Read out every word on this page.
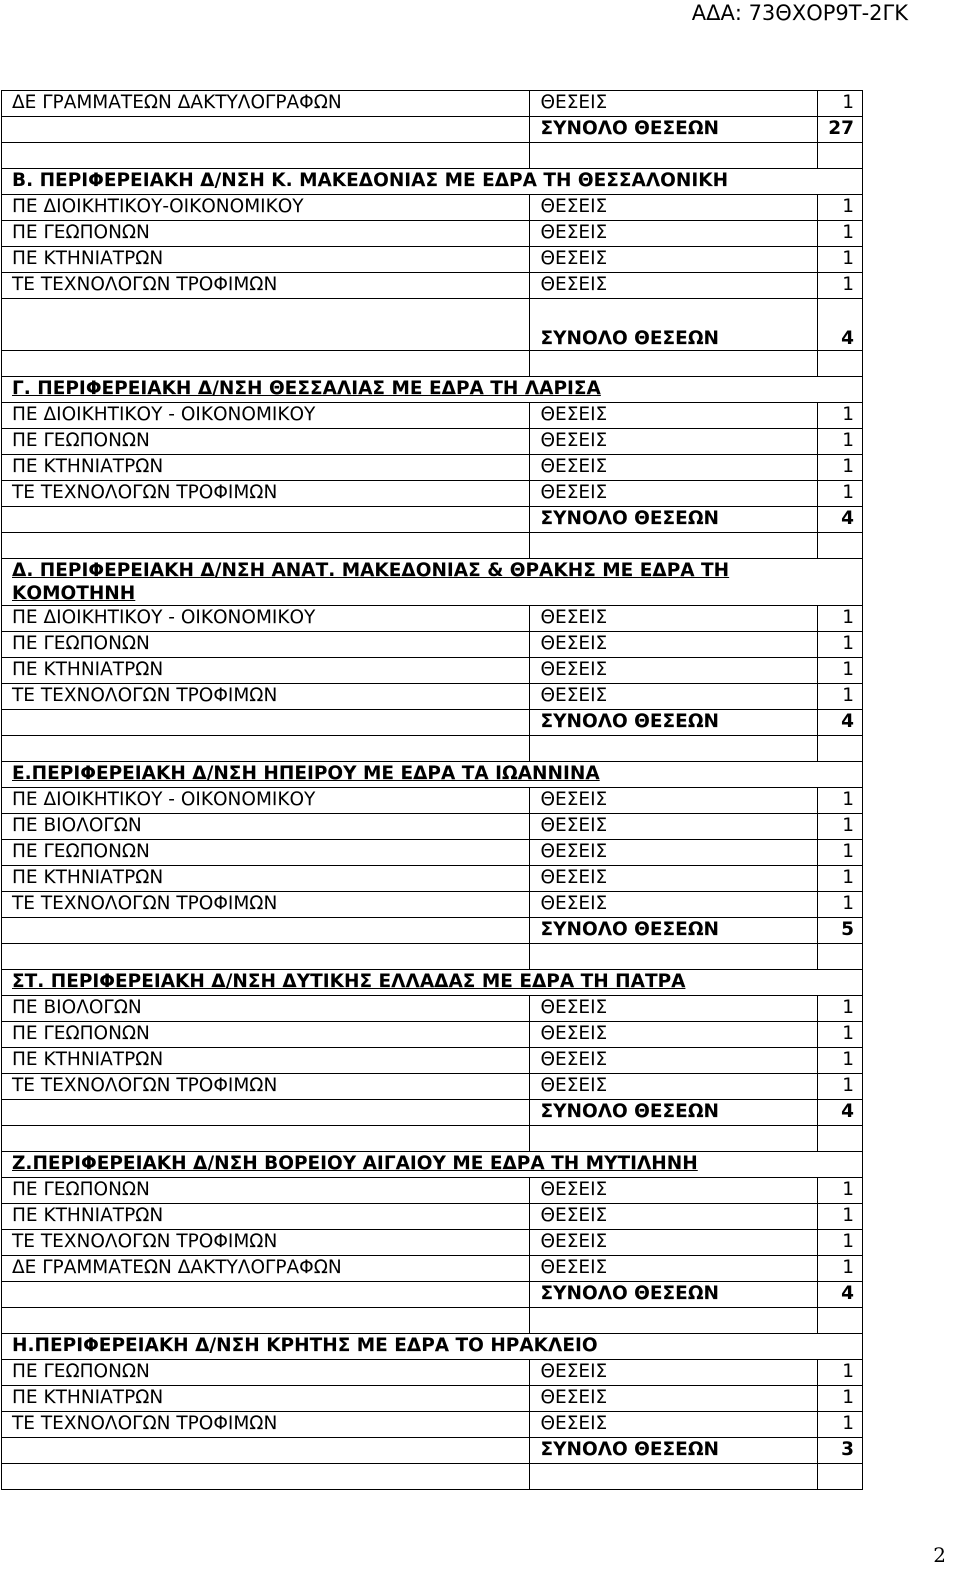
ΑΔΑ: 73ΘΧΟΡ9Τ-2ΓΚ
ΔΕ ΓΡΑΜΜΑΤΕΩΝ ΔΑΚΤΥΛΟΓΡΑΦΩΝ	ΘΕΣΕΙΣ	1
	ΣΥΝΟΛΟ ΘΕΣΕΩΝ	27

Β. ΠΕΡΙΦΕΡΕΙΑΚΗ Δ/ΝΣΗ Κ. ΜΑΚΕΔΟΝΙΑΣ ΜΕ ΕΔΡΑ ΤΗ ΘΕΣΣΑΛΟΝΙΚΗ		
ΠΕ ΔΙΟΙΚΗΤΙΚΟΥ-ΟΙΚΟΝΟΜΙΚΟΥ	ΘΕΣΕΙΣ	1
ΠΕ ΓΕΩΠΟΝΩΝ	ΘΕΣΕΙΣ	1
ΠΕ ΚΤΗΝΙΑΤΡΩΝ	ΘΕΣΕΙΣ	1
ΤΕ ΤΕΧΝΟΛΟΓΩΝ ΤΡΟΦΙΜΩΝ	ΘΕΣΕΙΣ	1
	ΣΥΝΟΛΟ ΘΕΣΕΩΝ	4

Γ. ΠΕΡΙΦΕΡΕΙΑΚΗ Δ/ΝΣΗ ΘΕΣΣΑΛΙΑΣ ΜΕ ΕΔΡΑ ΤΗ ΛΑΡΙΣΑ		
ΠΕ ΔΙΟΙΚΗΤΙΚΟΥ - ΟΙΚΟΝΟΜΙΚΟΥ	ΘΕΣΕΙΣ	1
ΠΕ ΓΕΩΠΟΝΩΝ	ΘΕΣΕΙΣ	1
ΠΕ ΚΤΗΝΙΑΤΡΩΝ	ΘΕΣΕΙΣ	1
ΤΕ ΤΕΧΝΟΛΟΓΩΝ ΤΡΟΦΙΜΩΝ	ΘΕΣΕΙΣ	1
	ΣΥΝΟΛΟ ΘΕΣΕΩΝ	4

Δ. ΠΕΡΙΦΕΡΕΙΑΚΗ Δ/ΝΣΗ ΑΝΑΤ. ΜΑΚΕΔΟΝΙΑΣ & ΘΡΑΚΗΣ ΜΕ ΕΔΡΑ ΤΗ ΚΟΜΟΤΗΝΗ		
ΠΕ ΔΙΟΙΚΗΤΙΚΟΥ - ΟΙΚΟΝΟΜΙΚΟΥ	ΘΕΣΕΙΣ	1
ΠΕ ΓΕΩΠΟΝΩΝ	ΘΕΣΕΙΣ	1
ΠΕ ΚΤΗΝΙΑΤΡΩΝ	ΘΕΣΕΙΣ	1
ΤΕ ΤΕΧΝΟΛΟΓΩΝ ΤΡΟΦΙΜΩΝ	ΘΕΣΕΙΣ	1
	ΣΥΝΟΛΟ ΘΕΣΕΩΝ	4

Ε.ΠΕΡΙΦΕΡΕΙΑΚΗ Δ/ΝΣΗ ΗΠΕΙΡΟΥ ΜΕ ΕΔΡΑ ΤΑ ΙΩΑΝΝΙΝΑ		
ΠΕ ΔΙΟΙΚΗΤΙΚΟΥ - ΟΙΚΟΝΟΜΙΚΟΥ	ΘΕΣΕΙΣ	1
ΠΕ ΒΙΟΛΟΓΩΝ	ΘΕΣΕΙΣ	1
ΠΕ ΓΕΩΠΟΝΩΝ	ΘΕΣΕΙΣ	1
ΠΕ ΚΤΗΝΙΑΤΡΩΝ	ΘΕΣΕΙΣ	1
ΤΕ ΤΕΧΝΟΛΟΓΩΝ ΤΡΟΦΙΜΩΝ	ΘΕΣΕΙΣ	1
	ΣΥΝΟΛΟ ΘΕΣΕΩΝ	5

ΣΤ. ΠΕΡΙΦΕΡΕΙΑΚΗ Δ/ΝΣΗ ΔΥΤΙΚΗΣ ΕΛΛΑΔΑΣ ΜΕ ΕΔΡΑ ΤΗ ΠΑΤΡΑ		
ΠΕ ΒΙΟΛΟΓΩΝ	ΘΕΣΕΙΣ	1
ΠΕ ΓΕΩΠΟΝΩΝ	ΘΕΣΕΙΣ	1
ΠΕ ΚΤΗΝΙΑΤΡΩΝ	ΘΕΣΕΙΣ	1
ΤΕ ΤΕΧΝΟΛΟΓΩΝ ΤΡΟΦΙΜΩΝ	ΘΕΣΕΙΣ	1
	ΣΥΝΟΛΟ ΘΕΣΕΩΝ	4

Ζ.ΠΕΡΙΦΕΡΕΙΑΚΗ Δ/ΝΣΗ ΒΟΡΕΙΟΥ ΑΙΓΑΙΟΥ ΜΕ ΕΔΡΑ ΤΗ ΜΥΤΙΛΗΝΗ		
ΠΕ ΓΕΩΠΟΝΩΝ	ΘΕΣΕΙΣ	1
ΠΕ ΚΤΗΝΙΑΤΡΩΝ	ΘΕΣΕΙΣ	1
ΤΕ ΤΕΧΝΟΛΟΓΩΝ ΤΡΟΦΙΜΩΝ	ΘΕΣΕΙΣ	1
ΔΕ ΓΡΑΜΜΑΤΕΩΝ ΔΑΚΤΥΛΟΓΡΑΦΩΝ	ΘΕΣΕΙΣ	1
	ΣΥΝΟΛΟ ΘΕΣΕΩΝ	4

Η.ΠΕΡΙΦΕΡΕΙΑΚΗ Δ/ΝΣΗ ΚΡΗΤΗΣ ΜΕ ΕΔΡΑ ΤΟ ΗΡΑΚΛΕΙΟ		
ΠΕ ΓΕΩΠΟΝΩΝ	ΘΕΣΕΙΣ	1
ΠΕ ΚΤΗΝΙΑΤΡΩΝ	ΘΕΣΕΙΣ	1
ΤΕ ΤΕΧΝΟΛΟΓΩΝ ΤΡΟΦΙΜΩΝ	ΘΕΣΕΙΣ	1
	ΣΥΝΟΛΟ ΘΕΣΕΩΝ	3

2
